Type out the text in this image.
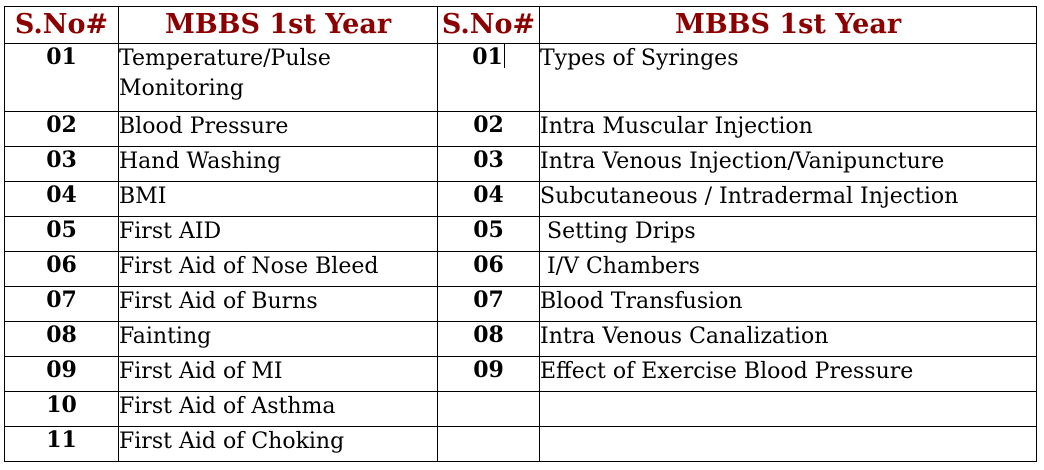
S.No#	MBBS 1st Year	S.No#	MBBS 1st Year
01	Temperature/Pulse Monitoring	01	Types of Syringes
02	Blood Pressure	02	Intra Muscular Injection
03	Hand Washing	03	Intra Venous Injection/Vanipuncture
04	BMI	04	Subcutaneous / Intradermal Injection
05	First AID	05	Setting Drips
06	First Aid of Nose Bleed	06	I/V Chambers
07	First Aid of Burns	07	Blood Transfusion
08	Fainting	08	Intra Venous Canalization
09	First Aid of MI	09	Effect of Exercise Blood Pressure
10	First Aid of Asthma		
11	First Aid of Choking		
